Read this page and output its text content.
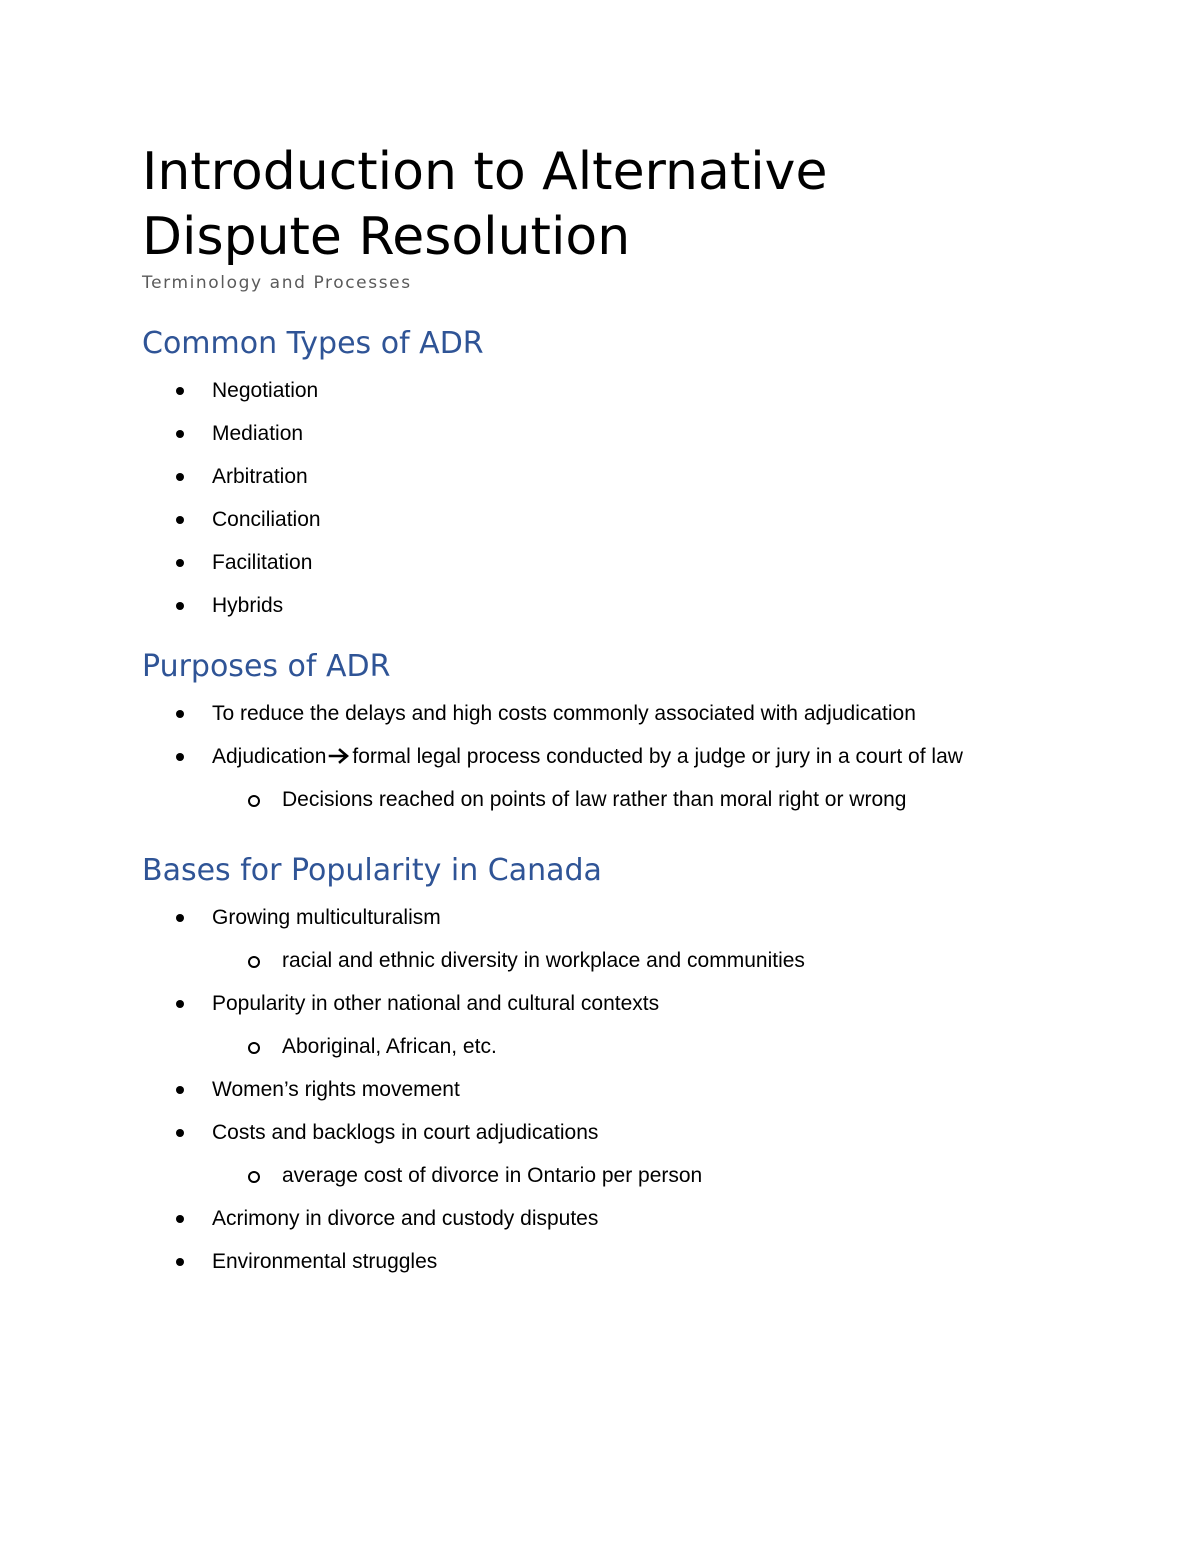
Introduction to Alternative
Dispute Resolution
Terminology and Processes
Common Types of ADR
Negotiation
Mediation
Arbitration
Conciliation
Facilitation
Hybrids
Purposes of ADR
To reduce the delays and high costs commonly associated with adjudication
Adjudication formal legal process conducted by a judge or jury in a court of law
Decisions reached on points of law rather than moral right or wrong
Bases for Popularity in Canada
Growing multiculturalism
racial and ethnic diversity in workplace and communities
Popularity in other national and cultural contexts
Aboriginal, African, etc.
Women’s rights movement
Costs and backlogs in court adjudications
average cost of divorce in Ontario per person
Acrimony in divorce and custody disputes
Environmental struggles
